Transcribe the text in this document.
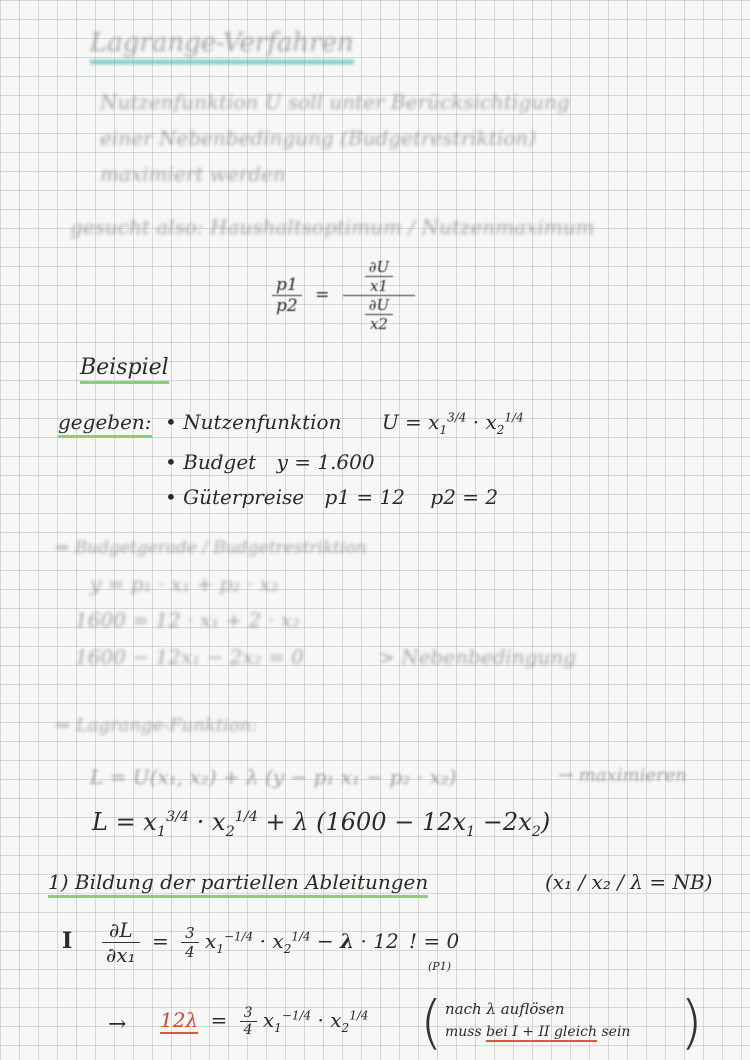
Lagrange-Verfahren
Nutzenfunktion U soll unter Berücksichtigung
einer Nebenbedingung (Budgetrestriktion)
maximiert werden
gesucht also: Haushaltsoptimum / Nutzenmaximum
$\frac{p1}{p2} = \frac{\frac{\partial U}{x1}}{\frac{\partial U}{x2}}$
Beispiel
gegeben: • Nutzenfunktion $U = x_1^{3/4} \cdot x_2^{1/4}$
• Budget y = 1.600
• Güterpreise p1 = 12    p2 = 2
⇒ Budgetgerade / Budgetrestriktion
y = p₁ · x₁ + p₂ · x₂
1600 = 12 · x₁ + 2 · x₂
1600 − 12x₁ − 2x₂ = 0	> Nebenbedingung
⇒ Lagrange-Funktion:
L = U(x₁, x₂) + λ (y − p₁ x₁ − p₂ · x₂)	→ maximieren
$L = x_1^{3/4} \cdot x_2^{1/4} + \lambda$ $(1600 - 12x_1 -2x_2)$
1) Bildung der partiellen Ableitungen	(x₁ / x₂ / λ = NB)
I $\frac{\partial L}{\text{∂x₁}} = \frac{3}{4} x_1^{-1/4} \cdot x_2^{1/4} - \lambda \cdot 12$ ! = 0
(P1)
→ $12\lambda = \frac{3}{4} x_1^{-1/4} \cdot x_2^{1/4}$ ( nach λ auflösen
muss bei I + II gleich sein )
